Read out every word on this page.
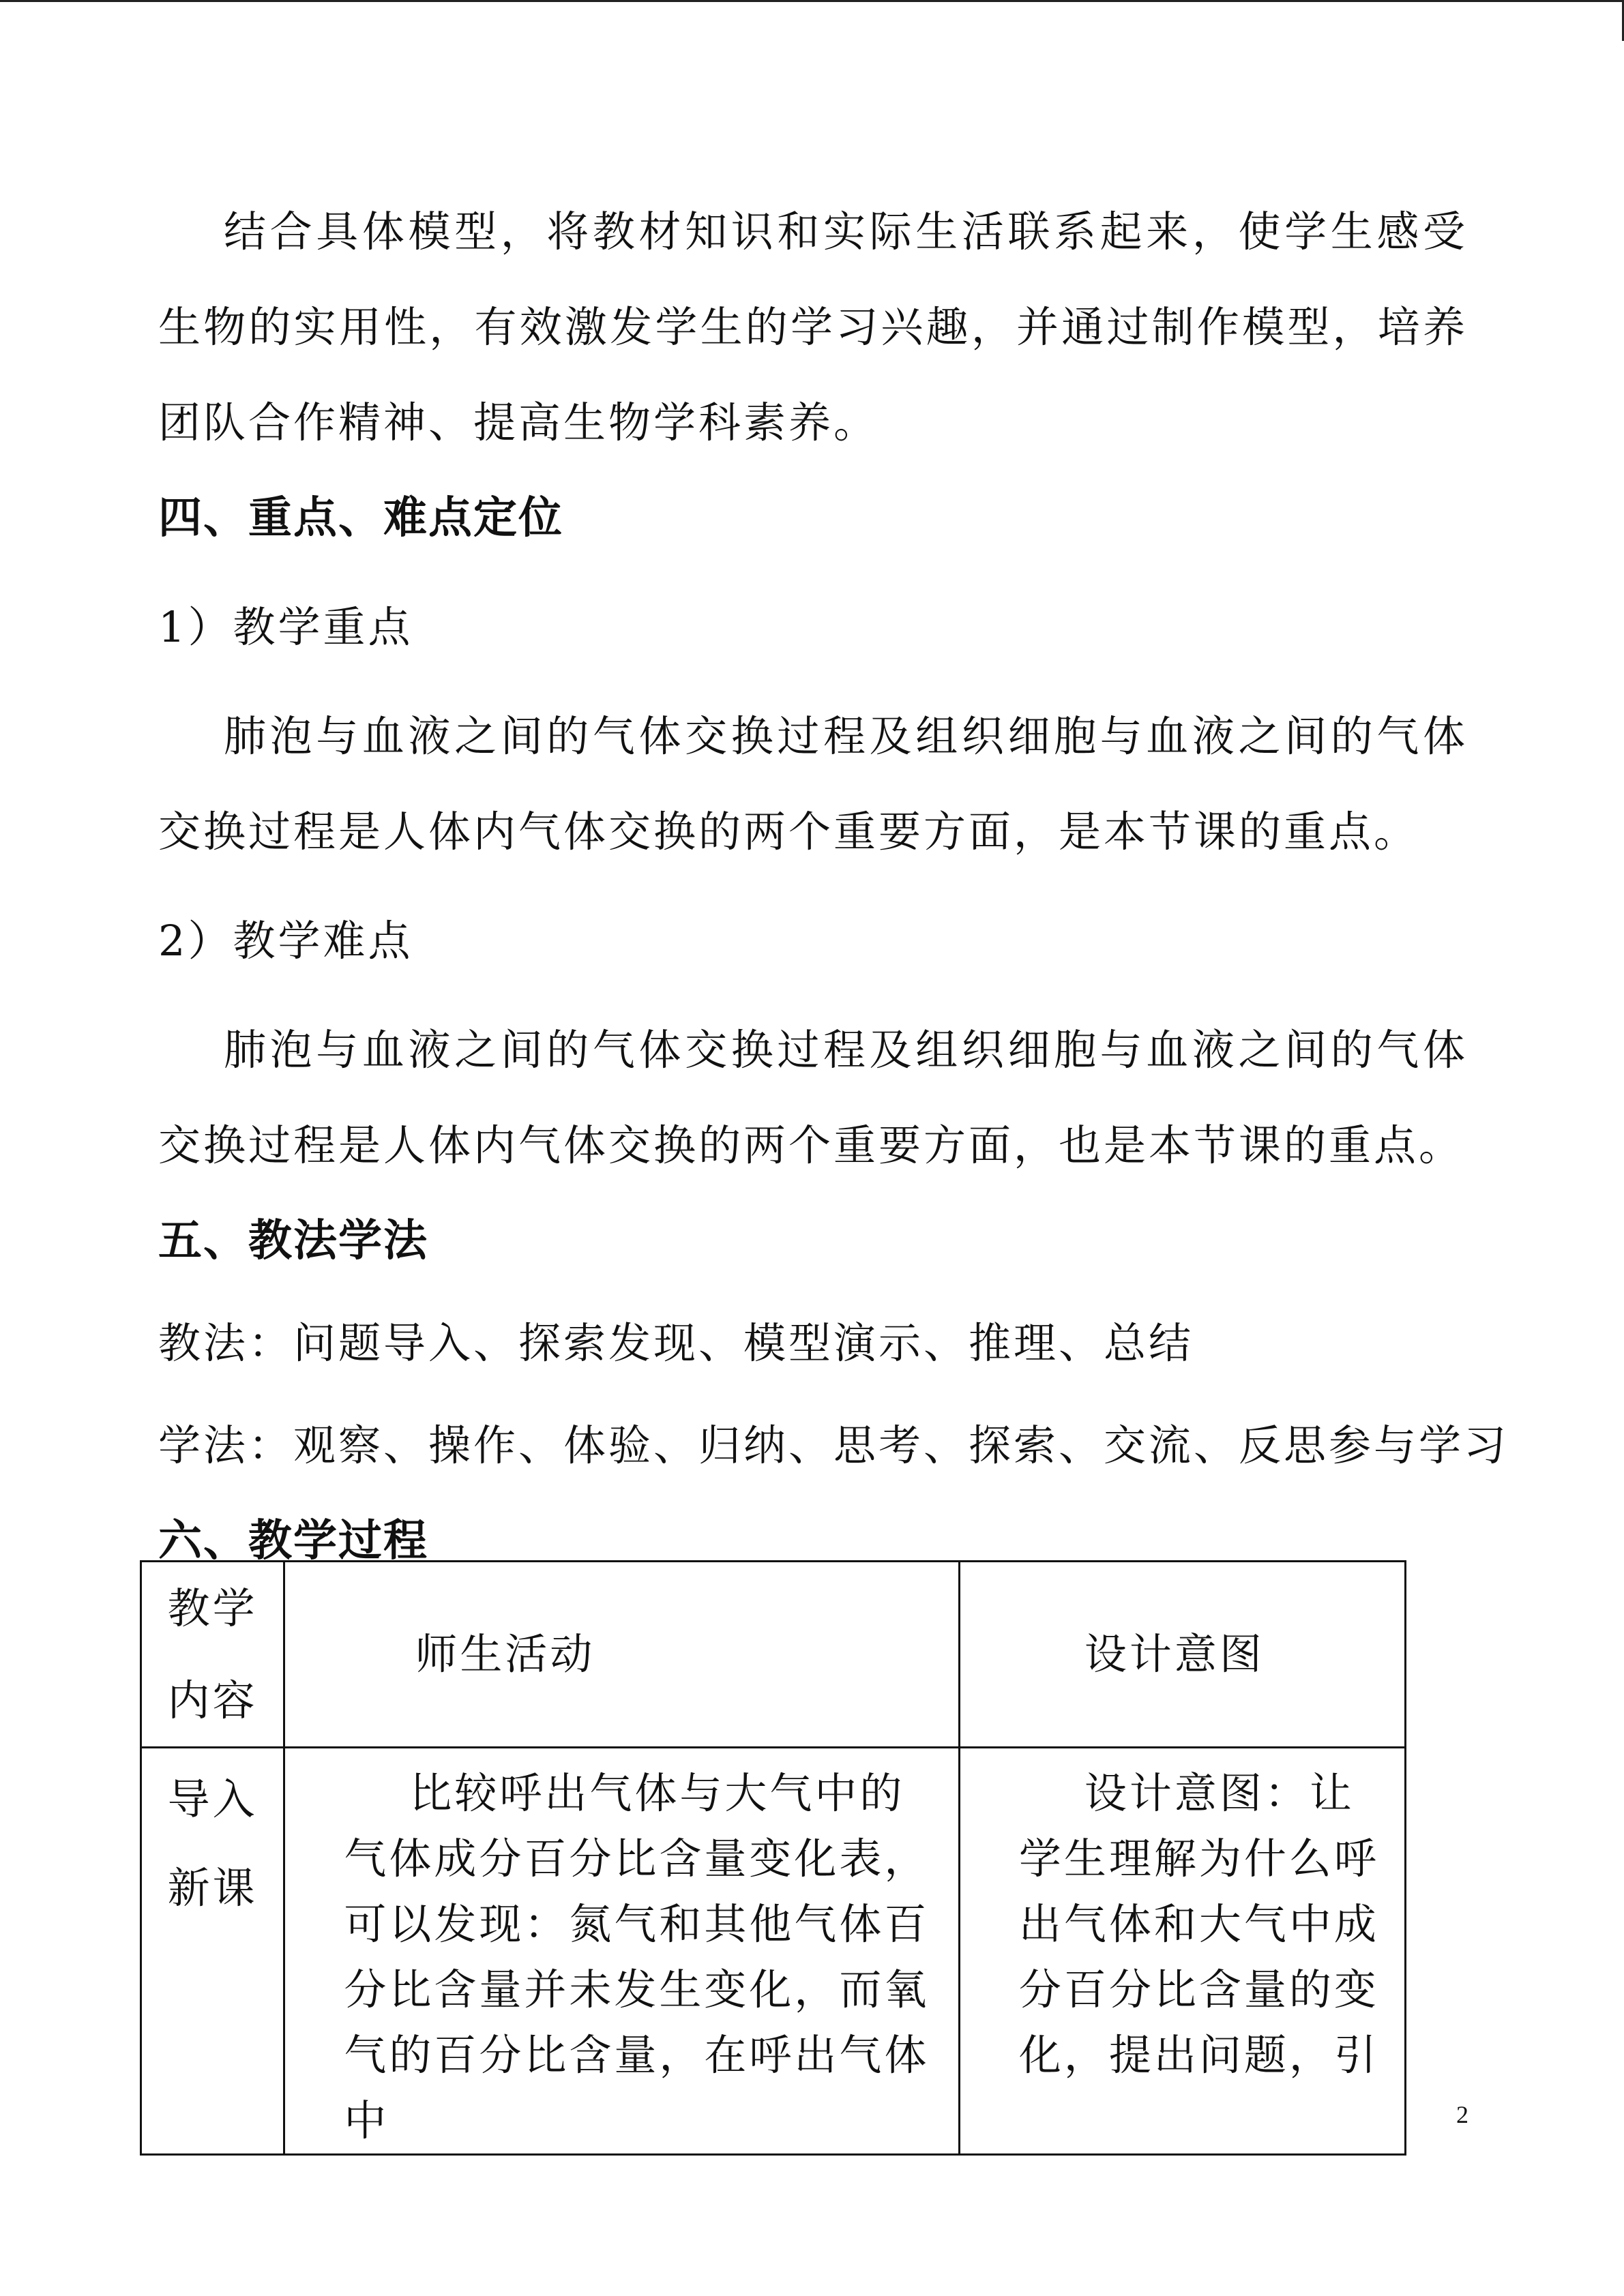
结合具体模型，将教材知识和实际生活联系起来，使学生感受生物的实用性，有效激发学生的学习兴趣，并通过制作模型，培养团队合作精神、提高生物学科素养。

四、重点、难点定位

1）教学重点

肺泡与血液之间的气体交换过程及组织细胞与血液之间的气体交换过程是人体内气体交换的两个重要方面，是本节课的重点。

2）教学难点

肺泡与血液之间的气体交换过程及组织细胞与血液之间的气体交换过程是人体内气体交换的两个重要方面，也是本节课的重点。

五、教法学法

教法：问题导入、探索发现、模型演示、推理、总结

学法：观察、操作、体验、归纳、思考、探索、交流、反思参与学习

六、教学过程

教学
内容	师生活动	设计意图

导入
新课	比较呼出气体与大气中的气体成分百分比含量变化表，可以发现：氮气和其他气体百分比含量并未发生变化，而氧气的百分比含量，在呼出气体中	设计意图：让学生理解为什么呼出气体和大气中成分百分比含量的变化，提出问题，引
2
